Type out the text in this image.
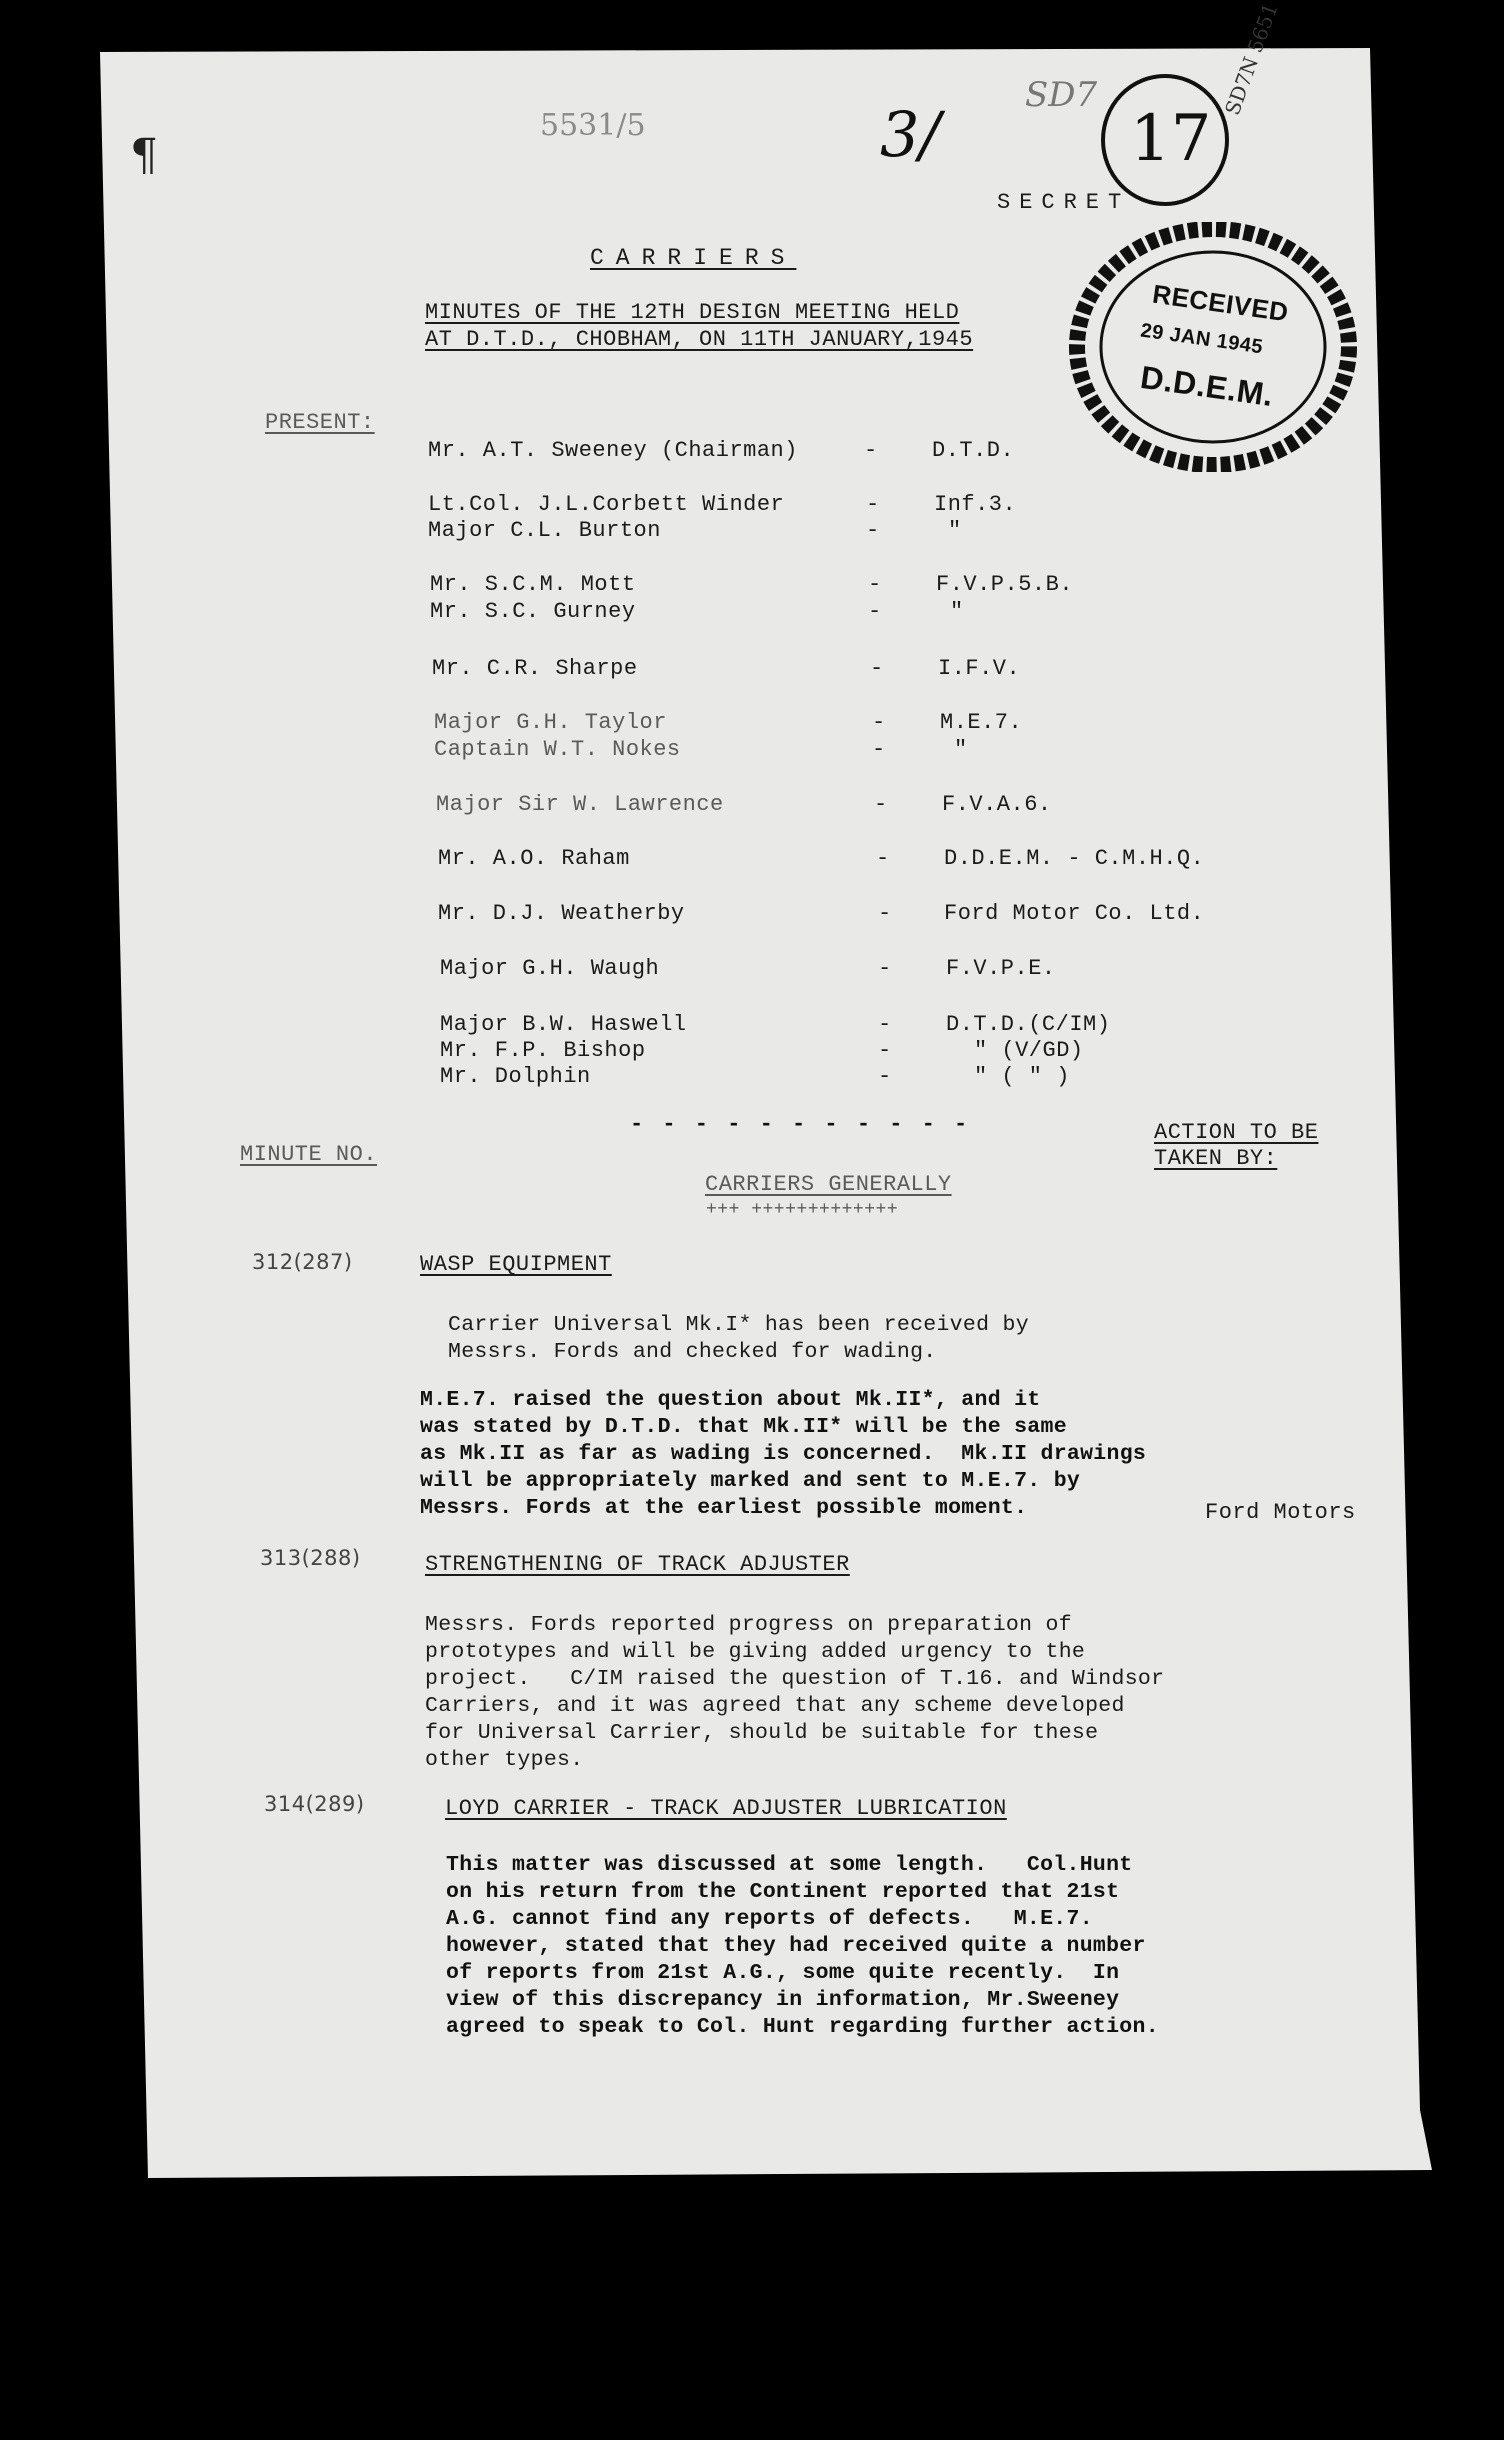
¶
5531/5	3/
SD7
17
SD7N 5651
SECRET
CARRIERS
MINUTES OF THE 12TH DESIGN MEETING HELD
AT D.T.D., CHOBHAM, ON 11TH JANUARY,1945
RECEIVED
29 JAN 1945
D.D.E.M.
PRESENT:
Mr. A.T. Sweeney (Chairman)	- D.T.D.
Lt.Col. J.L.Corbett Winder	- Inf.3.
Major C.L. Burton	-	"
Mr. S.C.M. Mott	- F.V.P.5.B.
Mr. S.C. Gurney	-	"
Mr. C.R. Sharpe	- I.F.V.
Major G.H. Taylor	- M.E.7.
Captain W.T. Nokes	-	"
Major Sir W. Lawrence	- F.V.A.6.
Mr. A.O. Raham	- D.D.E.M. - C.M.H.Q.
Mr. D.J. Weatherby	- Ford Motor Co. Ltd.
Major G.H. Waugh	- F.V.P.E.
Major B.W. Haswell	- D.T.D.(C/IM)
Mr. F.P. Bishop	-	" (V/GD)
Mr. Dolphin	-	" ( " )
- - - - - - - - - - -
MINUTE NO.
ACTION TO BE
TAKEN BY:
CARRIERS GENERALLY
+++ +++++++++++++
312(287)	WASP EQUIPMENT
Carrier Universal Mk.I* has been received by
Messrs. Fords and checked for wading.
M.E.7. raised the question about Mk.II*, and it
was stated by D.T.D. that Mk.II* will be the same
as Mk.II as far as wading is concerned.  Mk.II drawings
will be appropriately marked and sent to M.E.7. by
Messrs. Fords at the earliest possible moment.	Ford Motors
313(288)	STRENGTHENING OF TRACK ADJUSTER
Messrs. Fords reported progress on preparation of
prototypes and will be giving added urgency to the
project.   C/IM raised the question of T.16. and Windsor
Carriers, and it was agreed that any scheme developed
for Universal Carrier, should be suitable for these
other types.
314(289)	LOYD CARRIER - TRACK ADJUSTER LUBRICATION
This matter was discussed at some length.   Col.Hunt
on his return from the Continent reported that 21st
A.G. cannot find any reports of defects.   M.E.7.
however, stated that they had received quite a number
of reports from 21st A.G., some quite recently.  In
view of this discrepancy in information, Mr.Sweeney
agreed to speak to Col. Hunt regarding further action.
